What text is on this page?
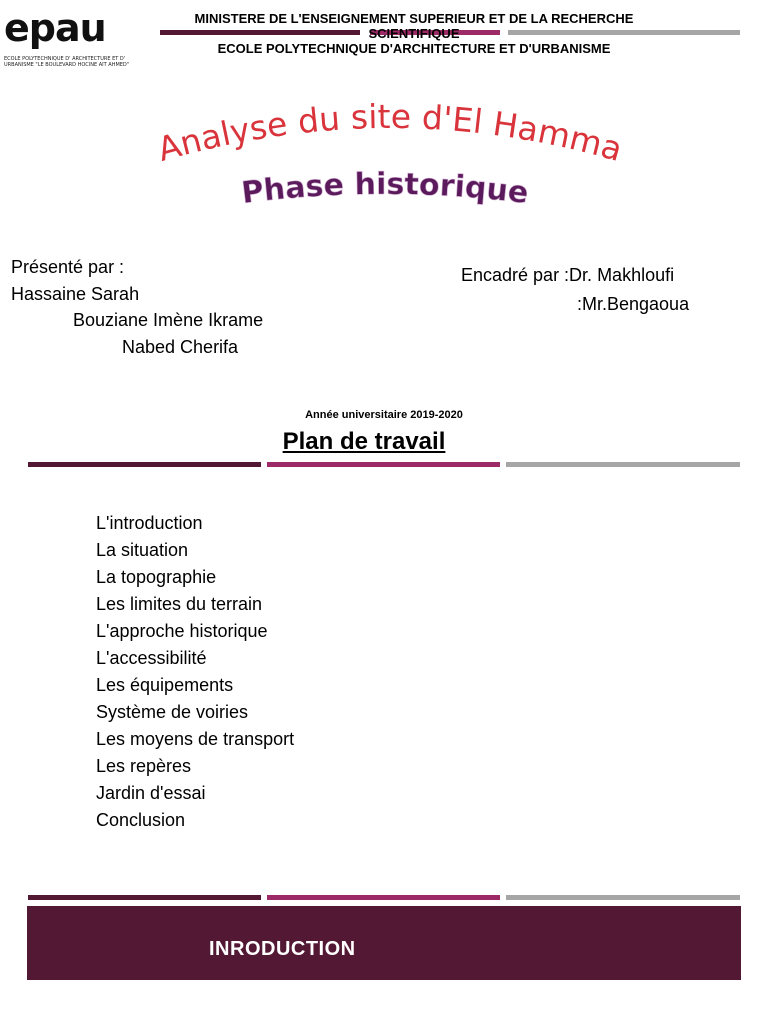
epau
ECOLE POLYTECHNIQUE D' ARCHITECTURE ET D' URBANISME "LE BOULEVARD HOCINE AIT AHMED"
MINISTERE DE L'ENSEIGNEMENT SUPERIEUR ET DE LA RECHERCHE
SCIENTIFIQUE
ECOLE POLYTECHNIQUE D'ARCHITECTURE ET D'URBANISME
Analyse du site d'El Hamma
Phase historique
Présenté par :
Hassaine Sarah
Bouziane Imène Ikrame
Nabed Cherifa
Encadré par :Dr. Makhloufi
:Mr.Bengaoua
Année universitaire 2019-2020
Plan de travail
L'introduction
La situation
La topographie
Les limites du terrain
L'approche historique
L'accessibilité
Les équipements
Système de voiries
Les moyens de transport
Les repères
Jardin d'essai
Conclusion
INRODUCTION
